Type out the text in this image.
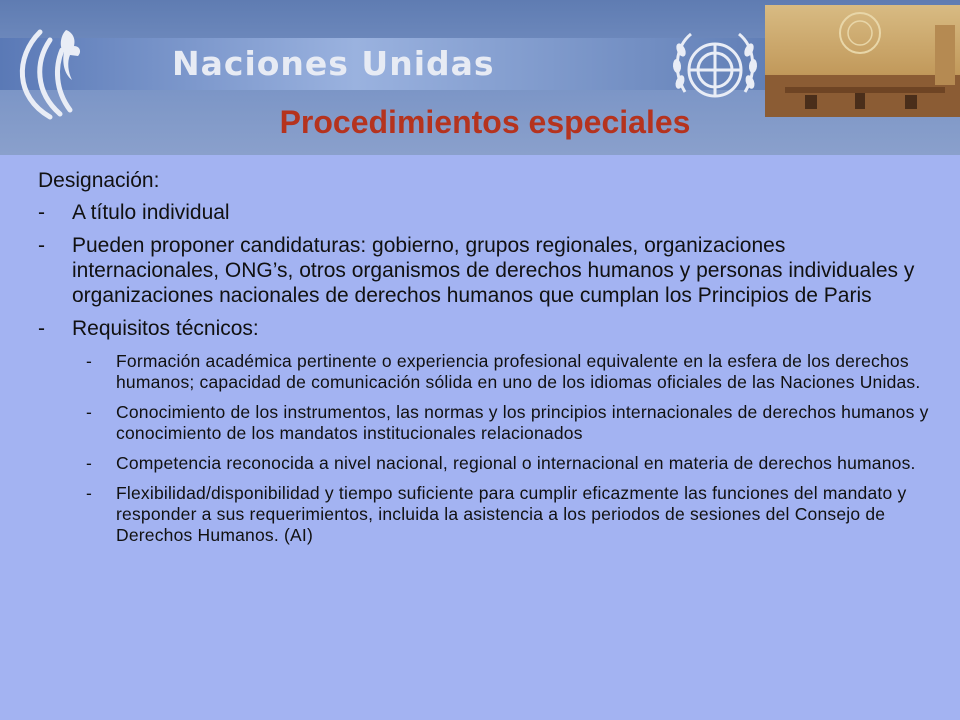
Naciones Unidas
Procedimientos especiales
Designación:
- A título individual
- Pueden proponer candidaturas: gobierno, grupos regionales, organizaciones internacionales, ONG’s, otros organismos de derechos humanos y personas individuales y organizaciones nacionales de derechos humanos que cumplan los Principios de Paris
- Requisitos técnicos:
- Formación académica pertinente o experiencia profesional equivalente en la esfera de los derechos humanos; capacidad de comunicación sólida en uno de los idiomas oficiales de las Naciones Unidas.
- Conocimiento de los instrumentos, las normas y los principios internacionales de derechos humanos y conocimiento de los mandatos institucionales relacionados
- Competencia reconocida a nivel nacional, regional o internacional en materia de derechos humanos.
- Flexibilidad/disponibilidad y tiempo suficiente para cumplir eficazmente las funciones del mandato y responder a sus requerimientos, incluida la asistencia a los periodos de sesiones del Consejo de Derechos Humanos. (AI)
